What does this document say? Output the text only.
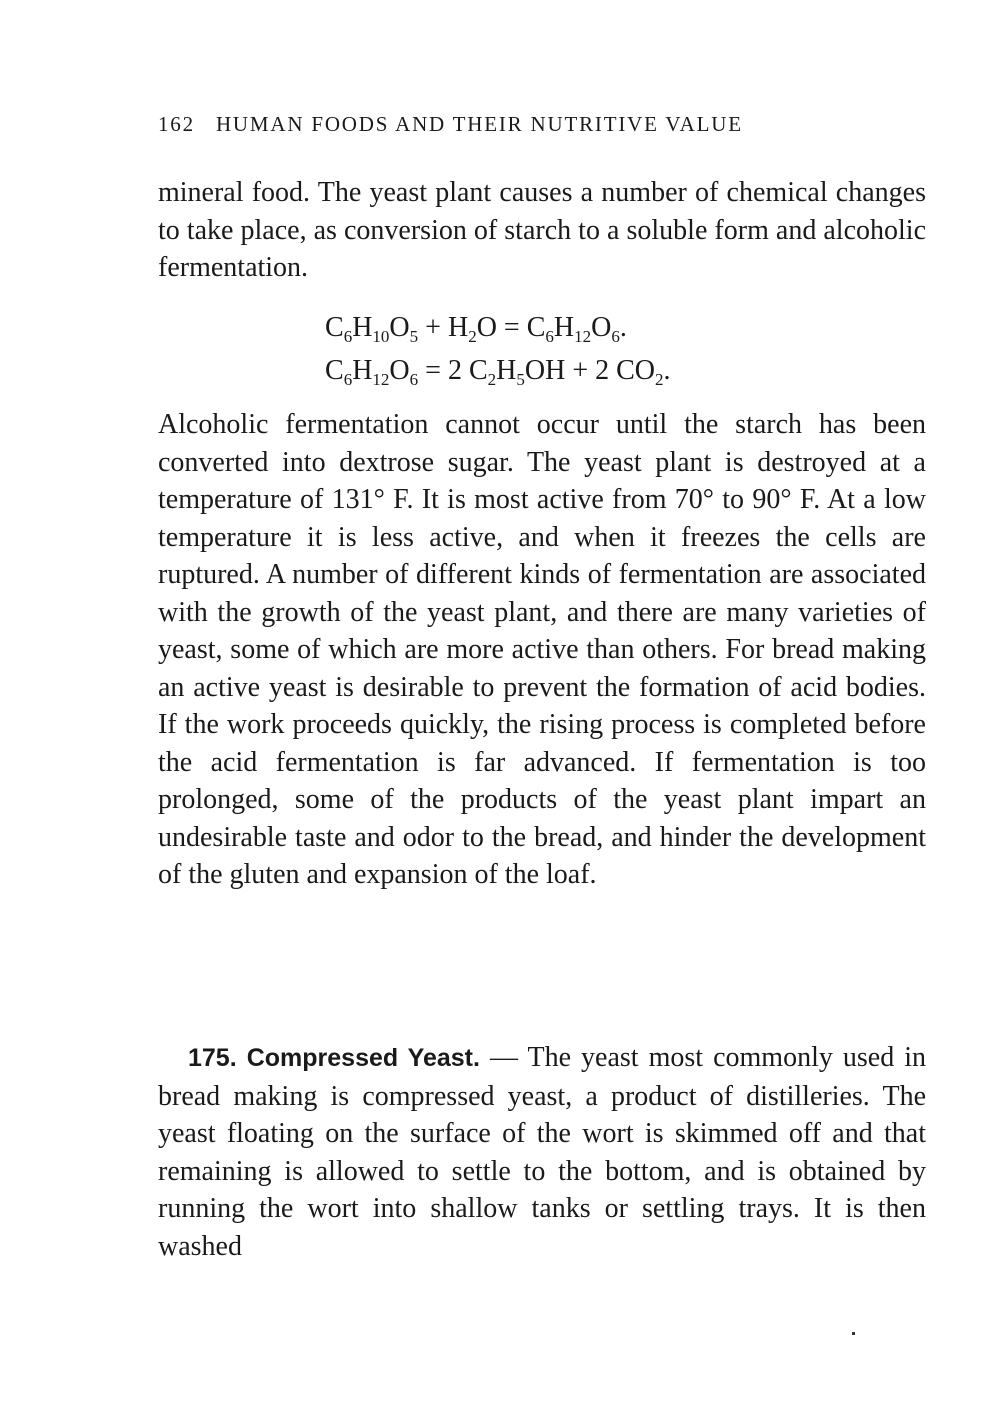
162 HUMAN FOODS AND THEIR NUTRITIVE VALUE
mineral food. The yeast plant causes a number of chemical changes to take place, as conversion of starch to a soluble form and alcoholic fermentation.
$C_6H_{10}O_5 + H_2O = C_6H_{12}O_6$.
$C_6H_{12}O_6 = 2$ $C_2H_5OH + 2$ $CO_2$.
Alcoholic fermentation cannot occur until the starch has been converted into dextrose sugar. The yeast plant is destroyed at a temperature of 131° F. It is most active from 70° to 90° F. At a low temperature it is less active, and when it freezes the cells are ruptured. A number of different kinds of fermentation are associated with the growth of the yeast plant, and there are many varieties of yeast, some of which are more active than others. For bread making an active yeast is desirable to prevent the formation of acid bodies. If the work proceeds quickly, the rising process is completed before the acid fermentation is far advanced. If fermentation is too prolonged, some of the products of the yeast plant impart an undesirable taste and odor to the bread, and hinder the development of the gluten and expansion of the loaf.
175. Compressed Yeast. — The yeast most commonly used in bread making is compressed yeast, a product of distilleries. The yeast floating on the surface of the wort is skimmed off and that remaining is allowed to settle to the bottom, and is obtained by running the wort into shallow tanks or settling trays. It is then washed
